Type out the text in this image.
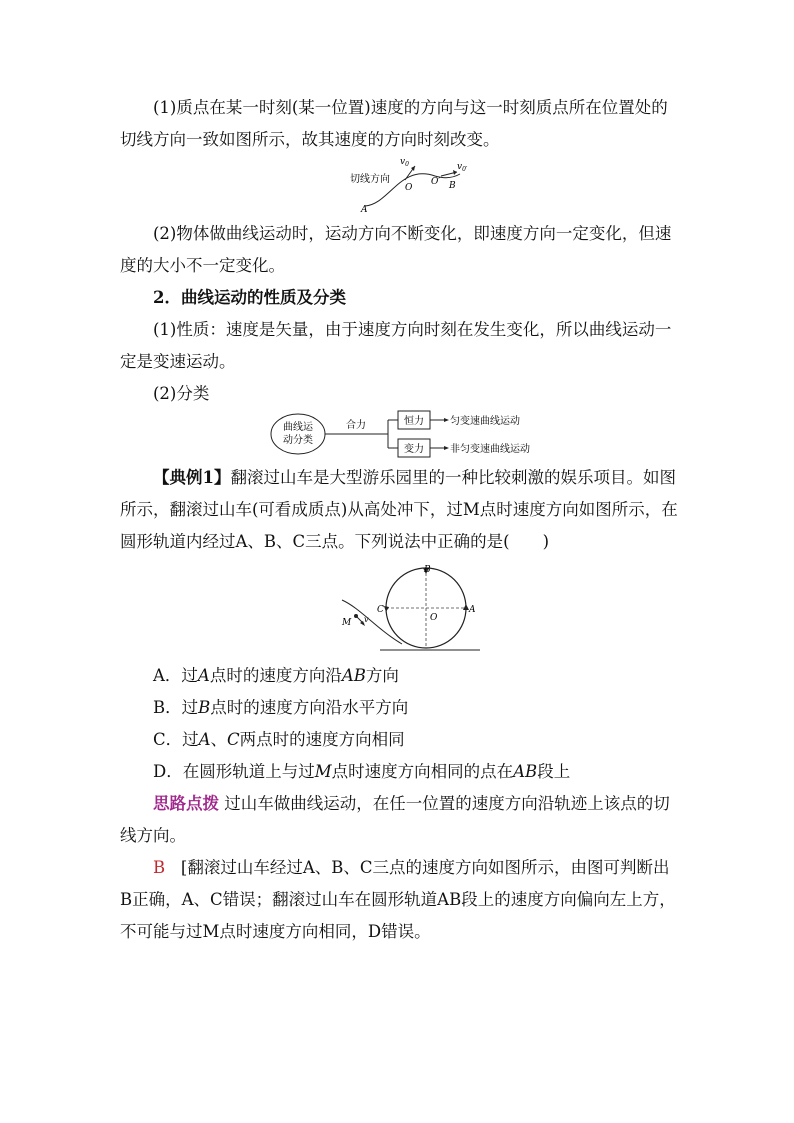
(1)质点在某一时刻(某一位置)速度的方向与这一时刻质点所在位置处的切线方向一致如图所示，故其速度的方向时刻改变。

切线方向
$v_0$	$v_{0'}$
O
O′
A
B

(2)物体做曲线运动时，运动方向不断变化，即速度方向一定变化，但速度的大小不一定变化。

2．曲线运动的性质及分类

(1)性质：速度是矢量，由于速度方向时刻在发生变化，所以曲线运动一定是变速运动。

(2)分类

曲线运
动分类
合力	恒力
变力
匀变速曲线运动
非匀变速曲线运动

【典例1】翻滚过山车是大型游乐园里的一种比较刺激的娱乐项目。如图所示，翻滚过山车(可看成质点)从高处冲下，过M点时速度方向如图所示，在圆形轨道内经过A、B、C三点。下列说法中正确的是(　　)

B
C	A
O
M v

A．过A点时的速度方向沿AB方向

B．过B点时的速度方向沿水平方向

C．过A、C两点时的速度方向相同

D．在圆形轨道上与过M点时速度方向相同的点在AB段上

思路点拨 过山车做曲线运动，在任一位置的速度方向沿轨迹上该点的切线方向。

B [翻滚过山车经过A、B、C三点的速度方向如图所示，由图可判断出B正确，A、C错误；翻滚过山车在圆形轨道AB段上的速度方向偏向左上方，不可能与过M点时速度方向相同，D错误。
